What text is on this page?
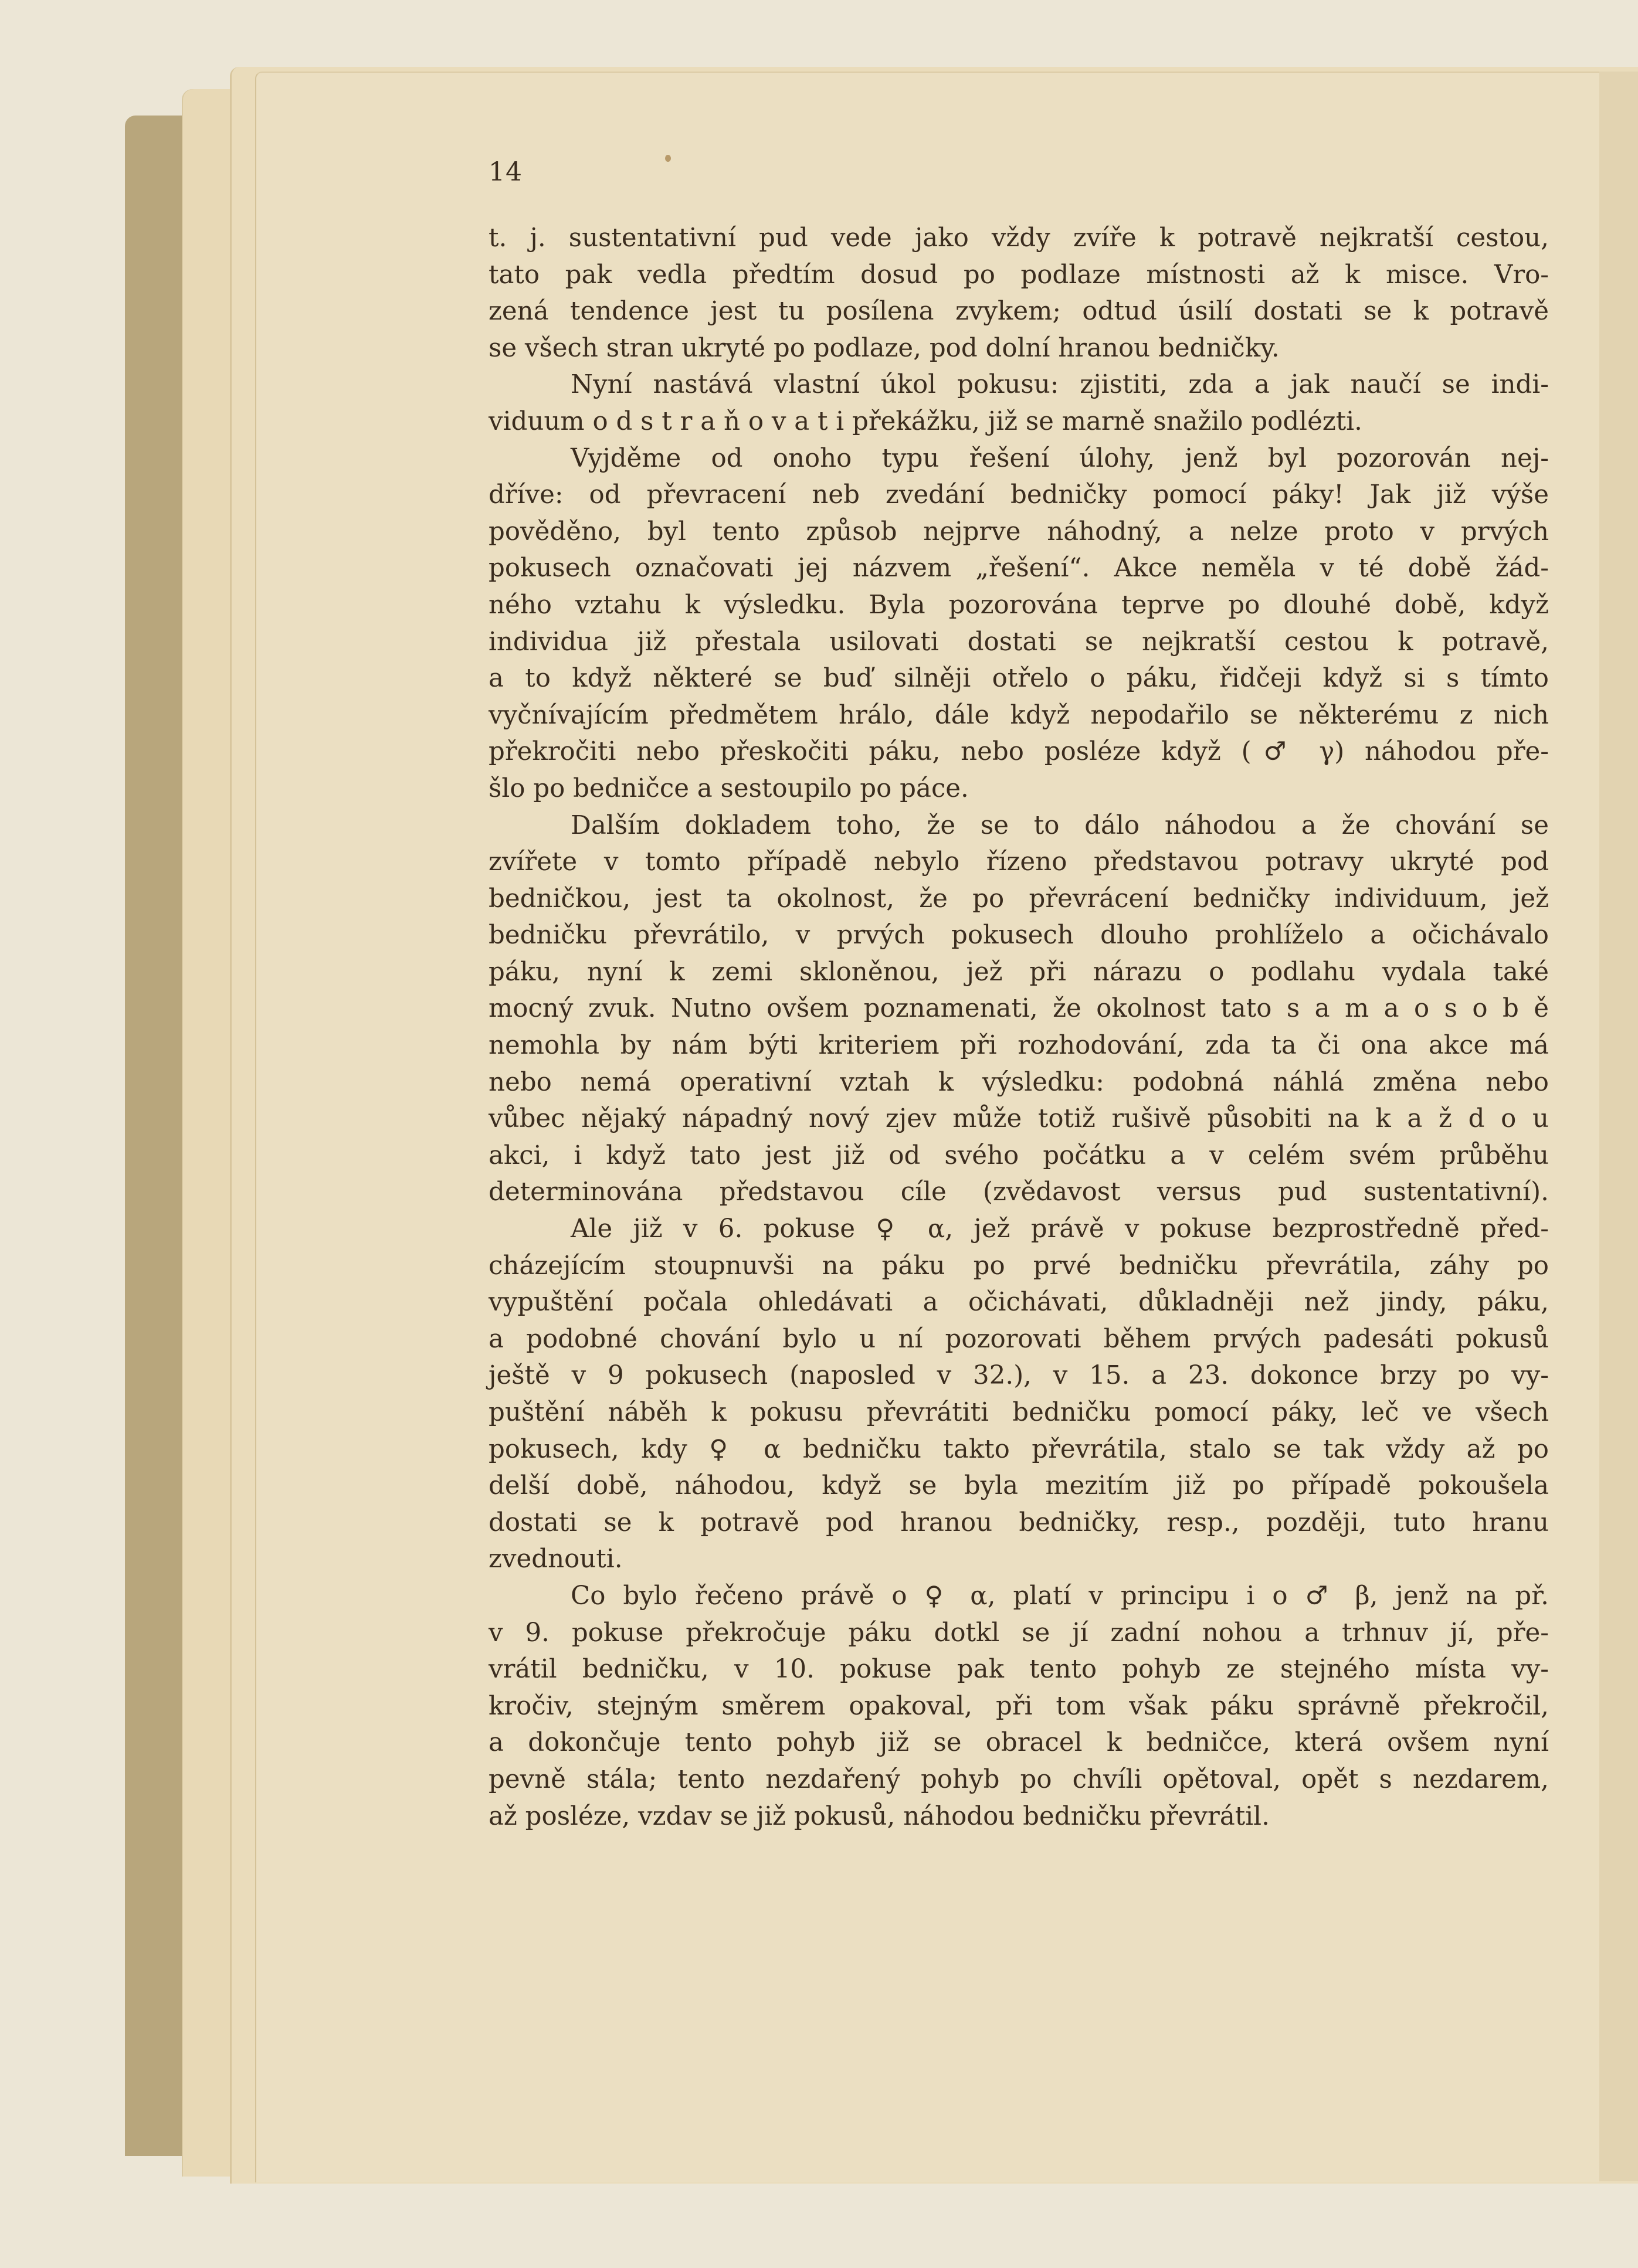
14
t. j. sustentativní pud vede jako vždy zvíře k potravě nejkratší cestou,
tato pak vedla předtím dosud po podlaze místnosti až k misce. Vro-
zená tendence jest tu posílena zvykem; odtud úsilí dostati se k potravě
se všech stran ukryté po podlaze, pod dolní hranou bedničky.
Nyní nastává vlastní úkol pokusu: zjistiti, zda a jak naučí se indi-
viduum o d s t r a ň o v a t i překážku, již se marně snažilo podlézti.
Vyjděme od onoho typu řešení úlohy, jenž byl pozorován nej-
dříve: od převracení neb zvedání bedničky pomocí páky! Jak již výše
pověděno, byl tento způsob nejprve náhodný, a nelze proto v prvých
pokusech označovati jej názvem „řešení“. Akce neměla v té době žád-
ného vztahu k výsledku. Byla pozorována teprve po dlouhé době, když
individua již přestala usilovati dostati se nejkratší cestou k potravě,
a to když některé se buď silněji otřelo o páku, řidčeji když si s tímto
vyčnívajícím předmětem hrálo, dále když nepodařilo se některému z nich
překročiti nebo přeskočiti páku, nebo posléze když (♂ γ) náhodou pře-
šlo po bedničce a sestoupilo po páce.
Dalším dokladem toho, že se to dálo náhodou a že chování se
zvířete v tomto případě nebylo řízeno představou potravy ukryté pod
bedničkou, jest ta okolnost, že po převrácení bedničky individuum, jež
bedničku převrátilo, v prvých pokusech dlouho prohlíželo a očichávalo
páku, nyní k zemi skloněnou, jež při nárazu o podlahu vydala také
mocný zvuk. Nutno ovšem poznamenati, že okolnost tato s a m a o s o b ě
nemohla by nám býti kriteriem při rozhodování, zda ta či ona akce má
nebo nemá operativní vztah k výsledku: podobná náhlá změna nebo
vůbec nějaký nápadný nový zjev může totiž rušivě působiti na k a ž d o u
akci, i když tato jest již od svého počátku a v celém svém průběhu
determinována představou cíle (zvědavost versus pud sustentativní).
Ale již v 6. pokuse ♀ α, jež právě v pokuse bezprostředně před-
cházejícím stoupnuvši na páku po prvé bedničku převrátila, záhy po
vypuštění počala ohledávati a očichávati, důkladněji než jindy, páku,
a podobné chování bylo u ní pozorovati během prvých padesáti pokusů
ještě v 9 pokusech (naposled v 32.), v 15. a 23. dokonce brzy po vy-
puštění náběh k pokusu převrátiti bedničku pomocí páky, leč ve všech
pokusech, kdy ♀ α bedničku takto převrátila, stalo se tak vždy až po
delší době, náhodou, když se byla mezitím již po případě pokoušela
dostati se k potravě pod hranou bedničky, resp., později, tuto hranu
zvednouti.
Co bylo řečeno právě o ♀ α, platí v principu i o ♂ β, jenž na př.
v 9. pokuse překročuje páku dotkl se jí zadní nohou a trhnuv jí, pře-
vrátil bedničku, v 10. pokuse pak tento pohyb ze stejného místa vy-
kročiv, stejným směrem opakoval, při tom však páku správně překročil,
a dokončuje tento pohyb již se obracel k bedničce, která ovšem nyní
pevně stála; tento nezdařený pohyb po chvíli opětoval, opět s nezdarem,
až posléze, vzdav se již pokusů, náhodou bedničku převrátil.
